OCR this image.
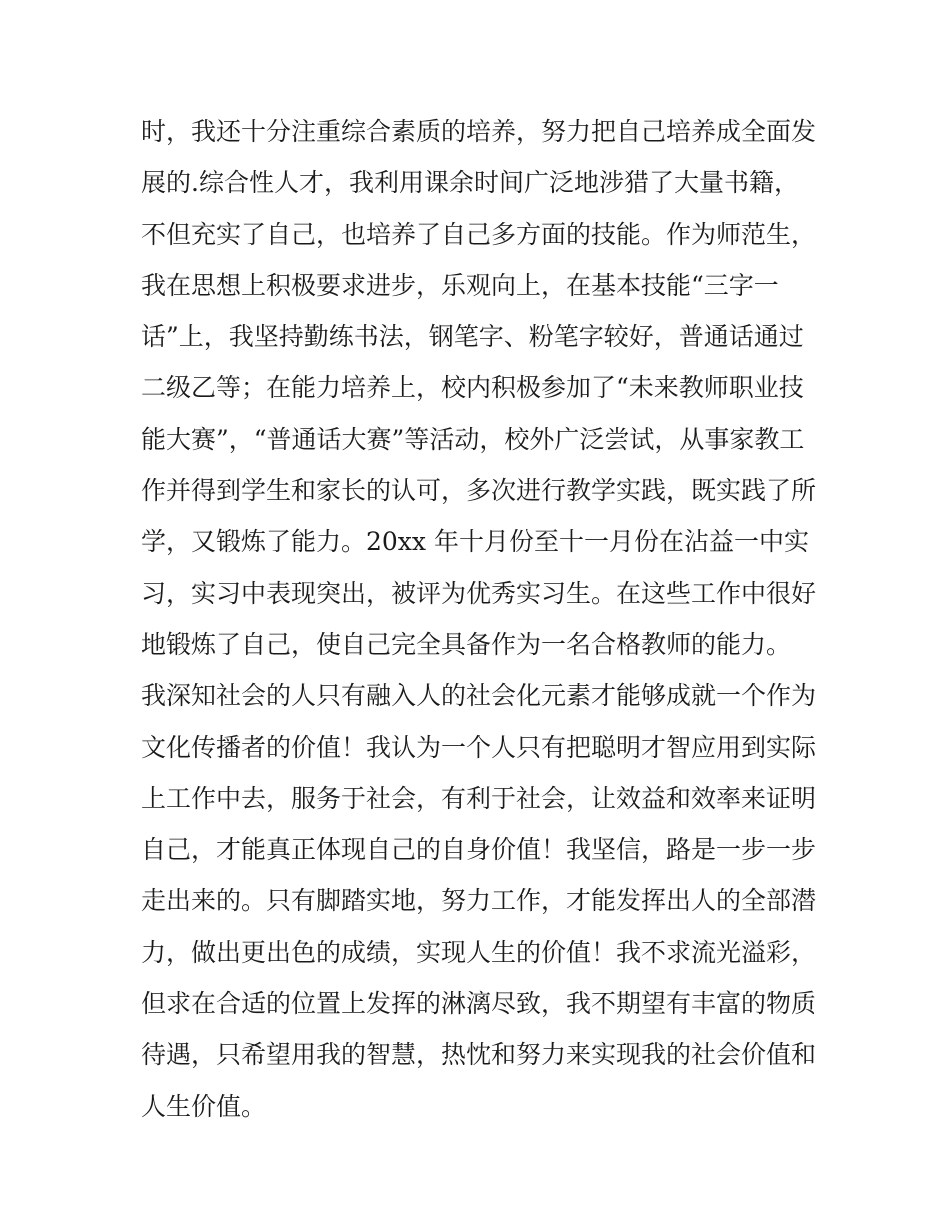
时，我还十分注重综合素质的培养，努力把自己培养成全面发
展的.综合性人才，我利用课余时间广泛地涉猎了大量书籍，
不但充实了自己，也培养了自己多方面的技能。作为师范生，
我在思想上积极要求进步，乐观向上，在基本技能“三字一
话”上，我坚持勤练书法，钢笔字、粉笔字较好，普通话通过
二级乙等；在能力培养上，校内积极参加了“未来教师职业技
能大赛”，“普通话大赛”等活动，校外广泛尝试，从事家教工
作并得到学生和家长的认可，多次进行教学实践，既实践了所
学，又锻炼了能力。20xx 年十月份至十一月份在沾益一中实
习，实习中表现突出，被评为优秀实习生。在这些工作中很好
地锻炼了自己，使自己完全具备作为一名合格教师的能力。
我深知社会的人只有融入人的社会化元素才能够成就一个作为
文化传播者的价值！我认为一个人只有把聪明才智应用到实际
上工作中去，服务于社会，有利于社会，让效益和效率来证明
自己，才能真正体现自己的自身价值！我坚信，路是一步一步
走出来的。只有脚踏实地，努力工作，才能发挥出人的全部潜
力，做出更出色的成绩，实现人生的价值！我不求流光溢彩，
但求在合适的位置上发挥的淋漓尽致，我不期望有丰富的物质
待遇，只希望用我的智慧，热忱和努力来实现我的社会价值和
人生价值。
